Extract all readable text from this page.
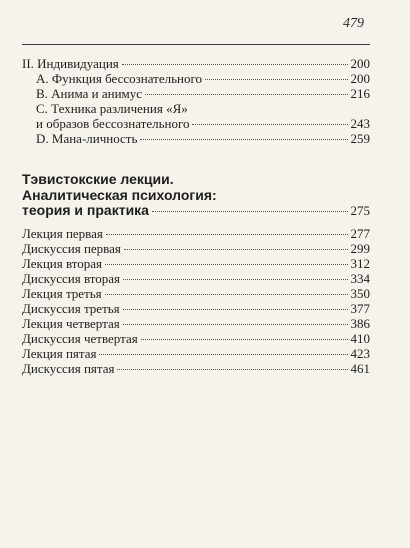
479
II. Индивидуация	200
А. Функция бессознательного	200
В. Анима и анимус	216
С. Техника различения «Я»
и образов бессознательного	243
D. Мана-личность	259
Тэвистокские лекции.
Аналитическая психология:
теория и практика	275
Лекция первая	277
Дискуссия первая	299
Лекция вторая	312
Дискуссия вторая	334
Лекция третья	350
Дискуссия третья	377
Лекция четвертая	386
Дискуссия четвертая	410
Лекция пятая	423
Дискуссия пятая	461
